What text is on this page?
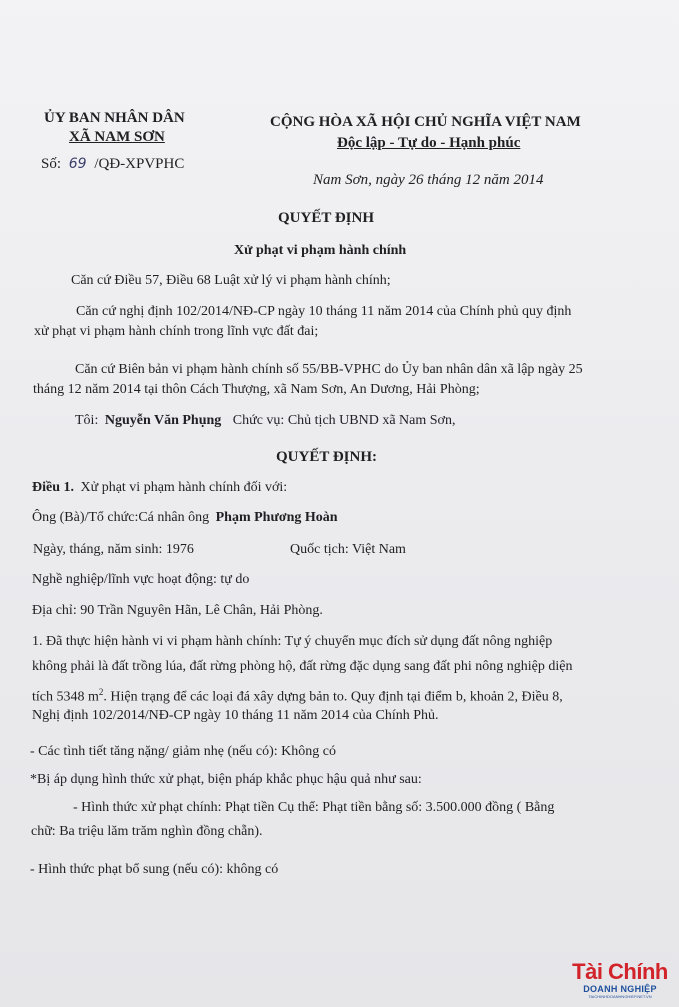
ỦY BAN NHÂN DÂN
XÃ NAM SƠN
Số: 69 /QĐ-XPVPHC
CỘNG HÒA XÃ HỘI CHỦ NGHĨA VIỆT NAM
Độc lập - Tự do - Hạnh phúc
Nam Sơn, ngày 26 tháng 12 năm 2014
QUYẾT ĐỊNH
Xử phạt vi phạm hành chính
Căn cứ Điều 57, Điều 68 Luật xử lý vi phạm hành chính;
Căn cứ nghị định 102/2014/NĐ-CP ngày 10 tháng 11 năm 2014 của Chính phủ quy định
xử phạt vi phạm hành chính trong lĩnh vực đất đai;
Căn cứ Biên bản vi phạm hành chính số 55/BB-VPHC do Ủy ban nhân dân xã lập ngày 25
tháng 12 năm 2014 tại thôn Cách Thượng, xã Nam Sơn, An Dương, Hải Phòng;
Tôi: Nguyễn Văn Phụng Chức vụ: Chủ tịch UBND xã Nam Sơn,
QUYẾT ĐỊNH:
Điều 1. Xử phạt vi phạm hành chính đối với:
Ông (Bà)/Tổ chức:Cá nhân ông Phạm Phương Hoàn
Ngày, tháng, năm sinh: 1976	Quốc tịch: Việt Nam
Nghề nghiệp/lĩnh vực hoạt động: tự do
Địa chỉ: 90 Trần Nguyên Hãn, Lê Chân, Hải Phòng.
1. Đã thực hiện hành vi vi phạm hành chính: Tự ý chuyển mục đích sử dụng đất nông nghiệp
không phải là đất trồng lúa, đất rừng phòng hộ, đất rừng đặc dụng sang đất phi nông nghiệp diện
tích 5348 $m^2$. Hiện trạng để các loại đá xây dựng bản to. Quy định tại điểm b, khoản 2, Điều 8,
Nghị định 102/2014/NĐ-CP ngày 10 tháng 11 năm 2014 của Chính Phủ.
- Các tình tiết tăng nặng/ giảm nhẹ (nếu có): Không có
*Bị áp dụng hình thức xử phạt, biện pháp khắc phục hậu quả như sau:
- Hình thức xử phạt chính: Phạt tiền Cụ thể: Phạt tiền bằng số: 3.500.000 đồng ( Bằng
chữ: Ba triệu lăm trăm nghìn đồng chẵn).
- Hình thức phạt bổ sung (nếu có): không có
Tài Chính
DOANH NGHIỆP
TAICHINHDOANHNGHIEP.NET.VN
